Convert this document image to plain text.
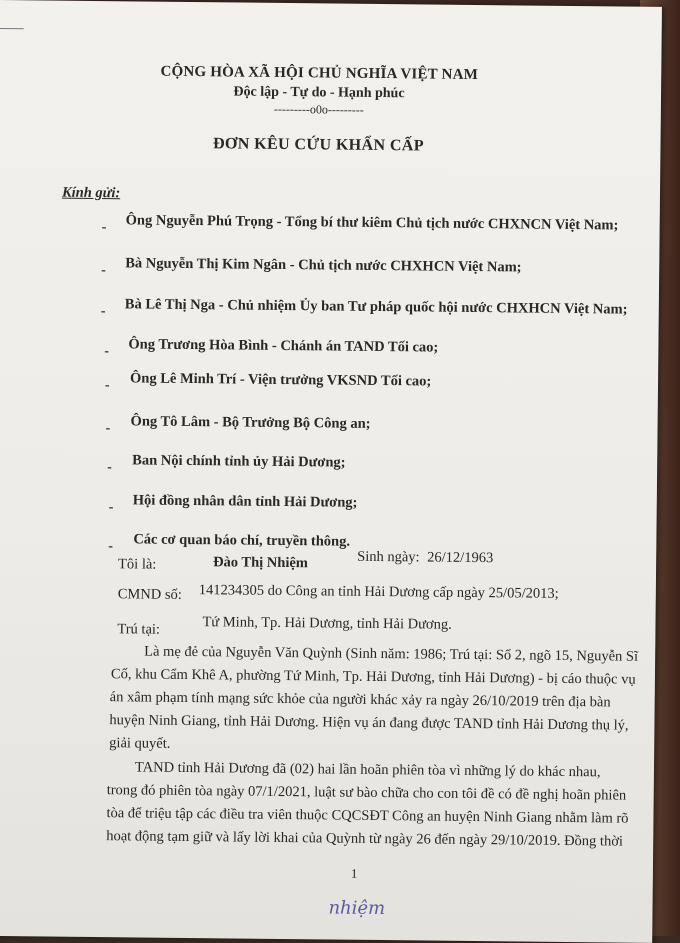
CỘNG HÒA XÃ HỘI CHỦ NGHĨA VIỆT NAM
Độc lập - Tự do - Hạnh phúc
---------o0o---------
ĐƠN KÊU CỨU KHẨN CẤP
Kính gửi:
- Ông Nguyễn Phú Trọng - Tổng bí thư kiêm Chủ tịch nước CHXNCN Việt Nam;
- Bà Nguyễn Thị Kim Ngân - Chủ tịch nước CHXHCN Việt Nam;
- Bà Lê Thị Nga - Chủ nhiệm Ủy ban Tư pháp quốc hội nước CHXHCN Việt Nam;
- Ông Trương Hòa Bình - Chánh án TAND Tối cao;
- Ông Lê Minh Trí - Viện trưởng VKSND Tối cao;
- Ông Tô Lâm - Bộ Trưởng Bộ Công an;
- Ban Nội chính tỉnh ủy Hải Dương;
- Hội đồng nhân dân tỉnh Hải Dương;
- Các cơ quan báo chí, truyền thông.
Tôi là:	Đào Thị Nhiệm	Sinh ngày: 26/12/1963
CMND số: 141234305 do Công an tỉnh Hải Dương cấp ngày 25/05/2013;
Trú tại:	Tứ Minh, Tp. Hải Dương, tỉnh Hải Dương.
Là mẹ đẻ của Nguyễn Văn Quỳnh (Sinh năm: 1986; Trú tại: Số 2, ngõ 15, Nguyễn Sĩ
Cố, khu Cẩm Khê A, phường Tứ Minh, Tp. Hải Dương, tỉnh Hải Dương) - bị cáo thuộc vụ
án xâm phạm tính mạng sức khỏe của người khác xảy ra ngày 26/10/2019 trên địa bàn
huyện Ninh Giang, tỉnh Hải Dương. Hiện vụ án đang được TAND tỉnh Hải Dương thụ lý,
giải quyết.
TAND tỉnh Hải Dương đã (02) hai lần hoãn phiên tòa vì những lý do khác nhau,
trong đó phiên tòa ngày 07/1/2021, luật sư bào chữa cho con tôi đề có đề nghị hoãn phiên
tòa để triệu tập các điều tra viên thuộc CQCSĐT Công an huyện Ninh Giang nhằm làm rõ
hoạt động tạm giữ và lấy lời khai của Quỳnh từ ngày 26 đến ngày 29/10/2019. Đồng thời
1
nhiệm
